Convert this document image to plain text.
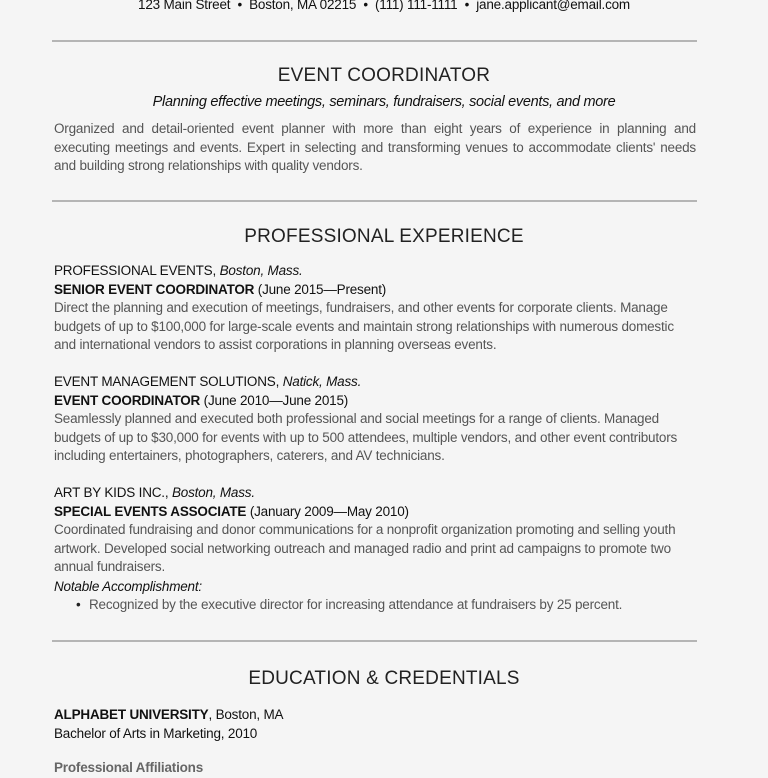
123 Main Street • Boston, MA 02215 • (111) 111-1111 • jane.applicant@email.com
EVENT COORDINATOR
Planning effective meetings, seminars, fundraisers, social events, and more
Organized and detail-oriented event planner with more than eight years of experience in planning and executing meetings and events. Expert in selecting and transforming venues to accommodate clients' needs and building strong relationships with quality vendors.
PROFESSIONAL EXPERIENCE
PROFESSIONAL EVENTS, Boston, Mass.
SENIOR EVENT COORDINATOR (June 2015—Present)
Direct the planning and execution of meetings, fundraisers, and other events for corporate clients. Manage budgets of up to $100,000 for large-scale events and maintain strong relationships with numerous domestic and international vendors to assist corporations in planning overseas events.
EVENT MANAGEMENT SOLUTIONS, Natick, Mass.
EVENT COORDINATOR (June 2010—June 2015)
Seamlessly planned and executed both professional and social meetings for a range of clients. Managed budgets of up to $30,000 for events with up to 500 attendees, multiple vendors, and other event contributors including entertainers, photographers, caterers, and AV technicians.
ART BY KIDS INC., Boston, Mass.
SPECIAL EVENTS ASSOCIATE (January 2009—May 2010)
Coordinated fundraising and donor communications for a nonprofit organization promoting and selling youth artwork. Developed social networking outreach and managed radio and print ad campaigns to promote two annual fundraisers.
Notable Accomplishment:
• Recognized by the executive director for increasing attendance at fundraisers by 25 percent.
EDUCATION & CREDENTIALS
ALPHABET UNIVERSITY, Boston, MA
Bachelor of Arts in Marketing, 2010
Professional Affiliations
